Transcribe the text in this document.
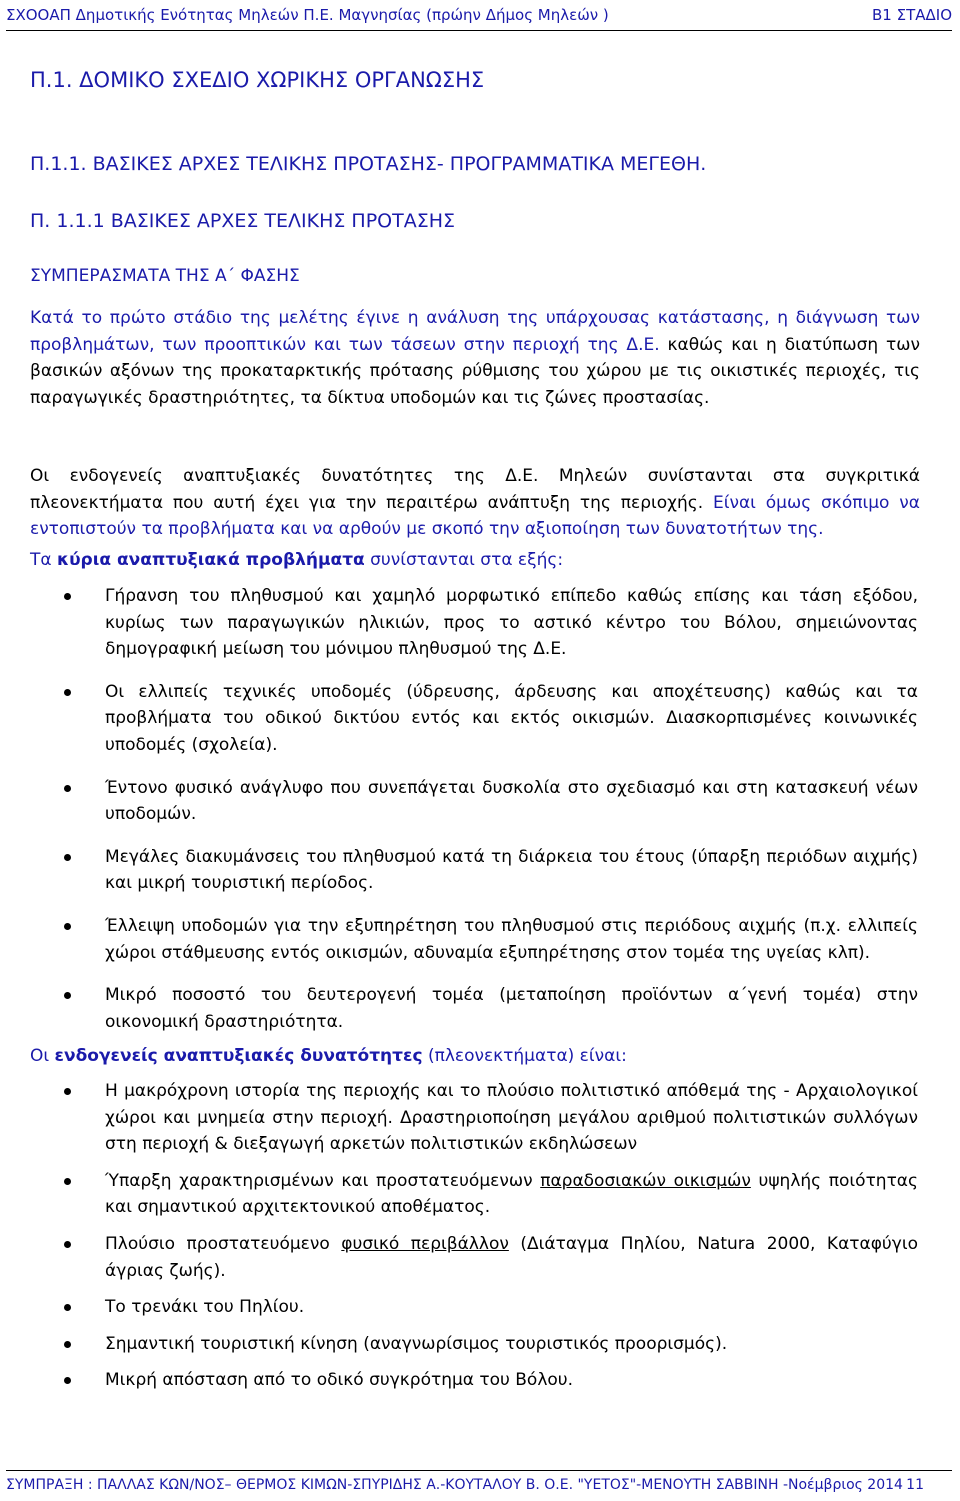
ΣΧΟΟΑΠ Δημοτικής Ενότητας Μηλεών Π.Ε. Μαγνησίας (πρώην Δήμος Μηλεών )	Β1 ΣΤΑΔΙΟ
Π.1. ΔΟΜΙΚΟ ΣΧΕΔΙΟ ΧΩΡΙΚΗΣ ΟΡΓΑΝΩΣΗΣ
Π.1.1. ΒΑΣΙΚΕΣ ΑΡΧΕΣ ΤΕΛΙΚΗΣ ΠΡΟΤΑΣΗΣ- ΠΡΟΓΡΑΜΜΑΤΙΚΑ ΜΕΓΕΘΗ.
Π. 1.1.1 ΒΑΣΙΚΕΣ ΑΡΧΕΣ ΤΕΛΙΚΗΣ ΠΡΟΤΑΣΗΣ
ΣΥΜΠΕΡΑΣΜΑΤΑ ΤΗΣ Α΄ ΦΑΣΗΣ
Κατά το πρώτο στάδιο της μελέτης έγινε η ανάλυση της υπάρχουσας κατάστασης, η διάγνωση των προβλημάτων, των προοπτικών και των τάσεων στην περιοχή της Δ.Ε. καθώς και η διατύπωση των βασικών αξόνων της προκαταρκτικής πρότασης ρύθμισης του χώρου με τις οικιστικές περιοχές, τις παραγωγικές δραστηριότητες, τα δίκτυα υποδομών και τις ζώνες προστασίας.
Οι ενδογενείς αναπτυξιακές δυνατότητες της Δ.Ε. Μηλεών συνίστανται στα συγκριτικά πλεονεκτήματα που αυτή έχει για την περαιτέρω ανάπτυξη της περιοχής. Είναι όμως σκόπιμο να εντοπιστούν τα προβλήματα και να αρθούν με σκοπό την αξιοποίηση των δυνατοτήτων της.
Τα κύρια αναπτυξιακά προβλήματα συνίστανται στα εξής:
Γήρανση του πληθυσμού και χαμηλό μορφωτικό επίπεδο καθώς επίσης και τάση εξόδου, κυρίως των παραγωγικών ηλικιών, προς το αστικό κέντρο του Βόλου, σημειώνοντας δημογραφική μείωση του μόνιμου πληθυσμού της Δ.Ε.
Οι ελλιπείς τεχνικές υποδομές (ύδρευσης, άρδευσης και αποχέτευσης) καθώς και τα προβλήματα του οδικού δικτύου εντός και εκτός οικισμών. Διασκορπισμένες κοινωνικές υποδομές (σχολεία).
Έντονο φυσικό ανάγλυφο που συνεπάγεται δυσκολία στο σχεδιασμό και στη κατασκευή νέων υποδομών.
Μεγάλες διακυμάνσεις του πληθυσμού κατά τη διάρκεια του έτους (ύπαρξη περιόδων αιχμής) και μικρή τουριστική περίοδος.
Έλλειψη υποδομών για την εξυπηρέτηση του πληθυσμού στις περιόδους αιχμής (π.χ. ελλιπείς χώροι στάθμευσης εντός οικισμών, αδυναμία εξυπηρέτησης στον τομέα της υγείας κλπ).
Μικρό ποσοστό του δευτερογενή τομέα (μεταποίηση προϊόντων α΄γενή τομέα) στην οικονομική δραστηριότητα.
Οι ενδογενείς αναπτυξιακές δυνατότητες (πλεονεκτήματα) είναι:
Η μακρόχρονη ιστορία της περιοχής και το πλούσιο πολιτιστικό απόθεμά της - Αρχαιολογικοί χώροι και μνημεία στην περιοχή. Δραστηριοποίηση μεγάλου αριθμού πολιτιστικών συλλόγων στη περιοχή & διεξαγωγή αρκετών πολιτιστικών εκδηλώσεων
Ύπαρξη χαρακτηρισμένων και προστατευόμενων παραδοσιακών οικισμών υψηλής ποιότητας και σημαντικού αρχιτεκτονικού αποθέματος.
Πλούσιο προστατευόμενο φυσικό περιβάλλον (Διάταγμα Πηλίου, Natura 2000, Καταφύγιο άγριας ζωής).
Το τρενάκι του Πηλίου.
Σημαντική τουριστική κίνηση (αναγνωρίσιμος τουριστικός προορισμός).
Μικρή απόσταση από το οδικό συγκρότημα του Βόλου.
ΣΥΜΠΡΑΞΗ : ΠΑΛΛΑΣ ΚΩΝ/ΝΟΣ– ΘΕΡΜΟΣ ΚΙΜΩΝ-ΣΠΥΡΙΔΗΣ Α.-ΚΟΥΤΑΛΟΥ Β. Ο.Ε. "ΥΕΤΟΣ"-ΜΕΝΟΥΤΗ ΣΑΒΒΙΝΗ -Νοέμβριος 2014 11
